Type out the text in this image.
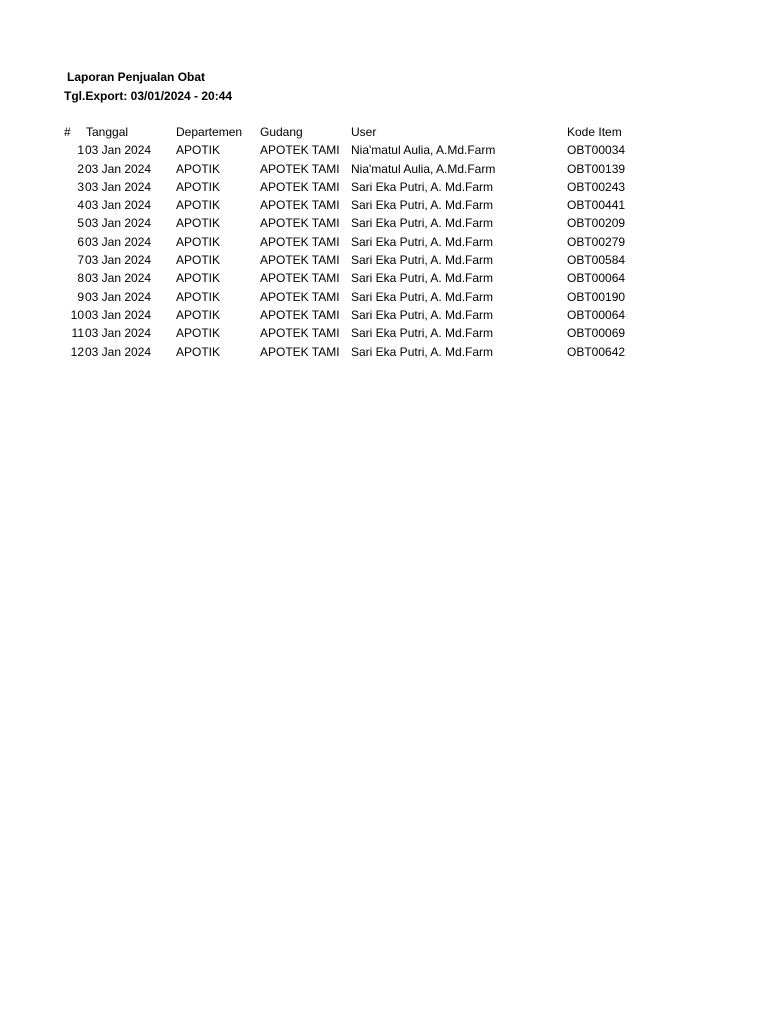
Laporan Penjualan Obat
Tgl.Export: 03/01/2024 - 20:44
#	Tanggal	Departemen	Gudang	User	Kode Item
1	03 Jan 2024	APOTIK	APOTEK TAMI	Nia'matul Aulia, A.Md.Farm	OBT00034
2	03 Jan 2024	APOTIK	APOTEK TAMI	Nia'matul Aulia, A.Md.Farm	OBT00139
3	03 Jan 2024	APOTIK	APOTEK TAMI	Sari Eka Putri, A. Md.Farm	OBT00243
4	03 Jan 2024	APOTIK	APOTEK TAMI	Sari Eka Putri, A. Md.Farm	OBT00441
5	03 Jan 2024	APOTIK	APOTEK TAMI	Sari Eka Putri, A. Md.Farm	OBT00209
6	03 Jan 2024	APOTIK	APOTEK TAMI	Sari Eka Putri, A. Md.Farm	OBT00279
7	03 Jan 2024	APOTIK	APOTEK TAMI	Sari Eka Putri, A. Md.Farm	OBT00584
8	03 Jan 2024	APOTIK	APOTEK TAMI	Sari Eka Putri, A. Md.Farm	OBT00064
9	03 Jan 2024	APOTIK	APOTEK TAMI	Sari Eka Putri, A. Md.Farm	OBT00190
10	03 Jan 2024	APOTIK	APOTEK TAMI	Sari Eka Putri, A. Md.Farm	OBT00064
11	03 Jan 2024	APOTIK	APOTEK TAMI	Sari Eka Putri, A. Md.Farm	OBT00069
12	03 Jan 2024	APOTIK	APOTEK TAMI	Sari Eka Putri, A. Md.Farm	OBT00642
